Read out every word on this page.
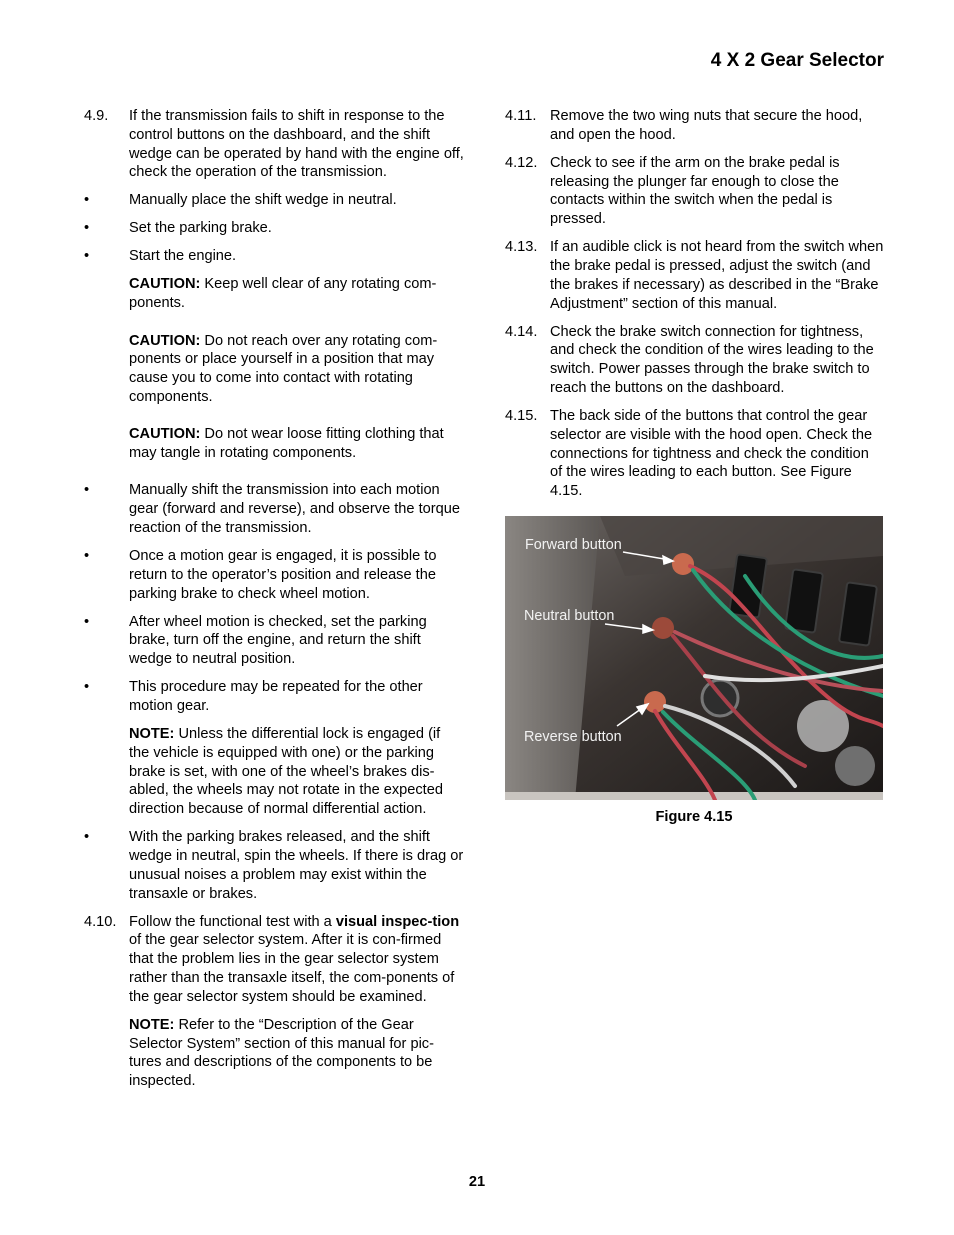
4 X 2 Gear Selector
4.9. If the transmission fails to shift in response to the control buttons on the dashboard, and the shift wedge can be operated by hand with the engine off, check the operation of the transmission.
•	Manually place the shift wedge in neutral.
•	Set the parking brake.
•	Start the engine.
CAUTION: Keep well clear of any rotating com-ponents.
CAUTION: Do not reach over any rotating com-ponents or place yourself in a position that may cause you to come into contact with rotating components.
CAUTION: Do not wear loose fitting clothing that may tangle in rotating components.
•	Manually shift the transmission into each motion gear (forward and reverse), and observe the torque reaction of the transmission.
•	Once a motion gear is engaged, it is possible to return to the operator’s position and release the parking brake to check wheel motion.
•	After wheel motion is checked, set the parking brake, turn off the engine, and return the shift wedge to neutral position.
•	This procedure may be repeated for the other motion gear.
NOTE: Unless the differential lock is engaged (if the vehicle is equipped with one) or the parking brake is set, with one of the wheel’s brakes dis-abled, the wheels may not rotate in the expected direction because of normal differential action.
•	With the parking brakes released, and the shift wedge in neutral, spin the wheels. If there is drag or unusual noises a problem may exist within the transaxle or brakes.
4.10. Follow the functional test with a visual inspec-tion of the gear selector system. After it is con-firmed that the problem lies in the gear selector system rather than the transaxle itself, the com-ponents of the gear selector system should be examined.
NOTE: Refer to the “Description of the Gear Selector System” section of this manual for pic-tures and descriptions of the components to be inspected.
4.11. Remove the two wing nuts that secure the hood, and open the hood.
4.12. Check to see if the arm on the brake pedal is releasing the plunger far enough to close the contacts within the switch when the pedal is pressed.
4.13. If an audible click is not heard from the switch when the brake pedal is pressed, adjust the switch (and the brakes if necessary) as described in the “Brake Adjustment” section of this manual.
4.14. Check the brake switch connection for tightness, and check the condition of the wires leading to the switch. Power passes through the brake switch to reach the buttons on the dashboard.
4.15. The back side of the buttons that control the gear selector are visible with the hood open. Check the connections for tightness and check the condition of the wires leading to each button. See Figure 4.15.
Forward button
Neutral button
Reverse button
Figure 4.15
21
